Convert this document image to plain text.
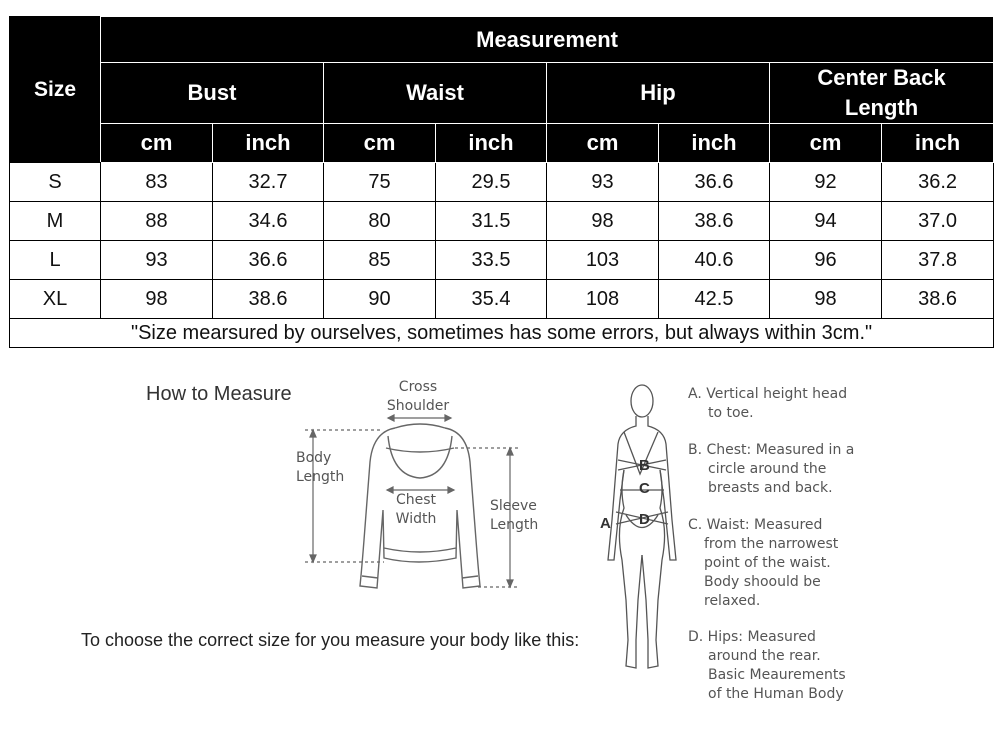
Size	Measurement							
	Bust		Waist		Hip		Center Back Length	
	cm	inch	cm	inch	cm	inch	cm	inch
S	83	32.7	75	29.5	93	36.6	92	36.2
M	88	34.6	80	31.5	98	38.6	94	37.0
L	93	36.6	85	33.5	103	40.6	96	37.8
XL	98	38.6	90	35.4	108	42.5	98	38.6
"Size mearsured by ourselves, sometimes has some errors, but always within 3cm."								
How to Measure
A
B
C
D
Cross
Shoulder
Body
Length
Chest
Width
Sleeve
Length
To choose the correct size for you measure your body like this:
A. Vertical height head
to toe.
B. Chest: Measured in a
circle around the
breasts and back.
C. Waist: Measured
from the narrowest
point of the waist.
Body shoould be
relaxed.
D. Hips: Measured
around the rear.
Basic Meaurements
of the Human Body
